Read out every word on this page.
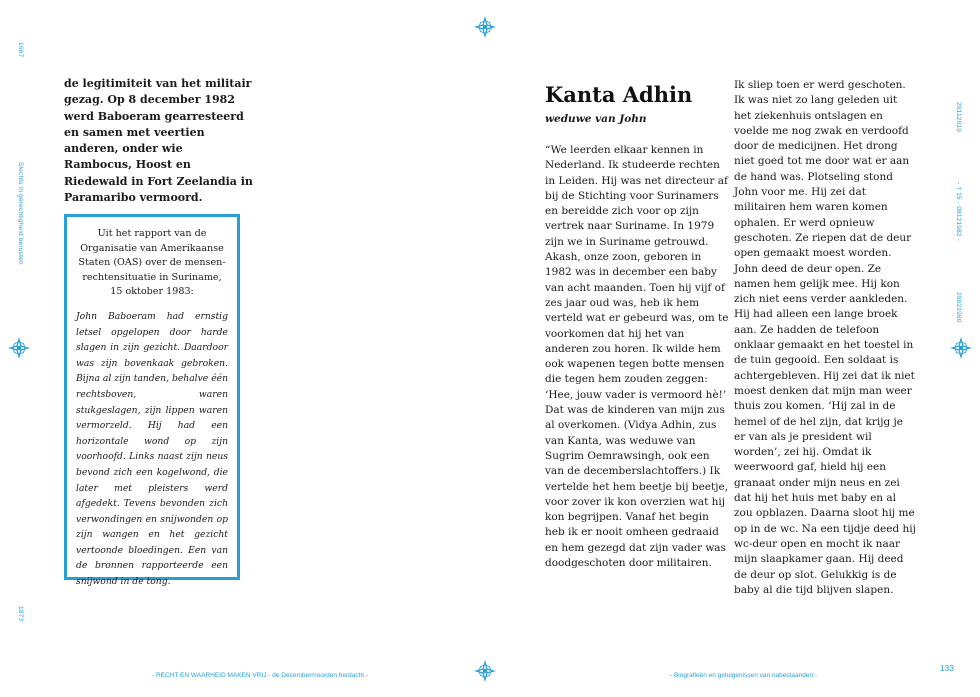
1667
Slechts in gerechtigheid berusten
1873
de legitimiteit van het militair gezag. Op 8 december 1982 werd Baboeram gearresteerd en samen met veertien anderen, onder wie Rambocus, Hoost en Riedewald in Fort Zeelandia in Paramaribo vermoord.
Uit het rapport van de Organisatie van Amerikaanse Staten (OAS) over de mensen-rechtensituatie in Suriname, 15 oktober 1983:
John Baboeram had ernstig letsel opgelopen door harde slagen in zijn gezicht. Daardoor was zijn bovenkaak gebroken. Bijna al zijn tanden, behalve één rechtsboven, waren stukgeslagen, zijn lippen waren vermorzeld. Hij had een horizontale wond op zijn voorhoofd. Links naast zijn neus bevond zich een kogelwond, die later met pleisters werd afgedekt. Tevens bevonden zich verwondingen en snijwonden op zijn wangen en het gezicht vertoonde bloedingen. Een van de bronnen rapporteerde een snijwond in de tong.
- RECHT EN WAARHEID MAKEN VRIJ - de Decembermoorden herdacht -
29112019
- † 15 - 08121982 -
29021980
Kanta Adhin
weduwe van John
“We leerden elkaar kennen in Nederland. Ik studeerde rechten in Leiden. Hij was net directeur af bij de Stichting voor Surinamers en bereidde zich voor op zijn vertrek naar Suriname. In 1979 zijn we in Suriname getrouwd. Akash, onze zoon, geboren in 1982 was in december een baby van acht maanden. Toen hij vijf of zes jaar oud was, heb ik hem verteld wat er gebeurd was, om te voorkomen dat hij het van anderen zou horen. Ik wilde hem ook wapenen tegen botte mensen die tegen hem zouden zeggen: ‘Hee, jouw vader is vermoord hè!’ Dat was de kinderen van mijn zus al overkomen. (Vidya Adhin, zus van Kanta, was weduwe van Sugrim Oemrawsingh, ook een van de decemberslachtoffers.) Ik vertelde het hem beetje bij beetje, voor zover ik kon overzien wat hij kon begrijpen. Vanaf het begin heb ik er nooit omheen gedraaid en hem gezegd dat zijn vader was doodgeschoten door militairen.
Ik sliep toen er werd geschoten. Ik was niet zo lang geleden uit het ziekenhuis ontslagen en voelde me nog zwak en verdoofd door de medicijnen. Het drong niet goed tot me door wat er aan de hand was. Plotseling stond John voor me. Hij zei dat militairen hem waren komen ophalen. Er werd opnieuw geschoten. Ze riepen dat de deur open gemaakt moest worden. John deed de deur open. Ze namen hem gelijk mee. Hij kon zich niet eens verder aankleden. Hij had alleen een lange broek aan. Ze hadden de telefoon onklaar gemaakt en het toestel in de tuin gegooid. Een soldaat is achtergebleven. Hij zei dat ik niet moest denken dat mijn man weer thuis zou komen. ‘Hij zal in de hemel of de hel zijn, dat krijg je er van als je president wil worden’, zei hij. Omdat ik weerwoord gaf, hield hij een granaat onder mijn neus en zei dat hij het huis met baby en al zou opblazen. Daarna sloot hij me op in de wc. Na een tijdje deed hij wc-deur open en mocht ik naar mijn slaapkamer gaan. Hij deed de deur op slot. Gelukkig is de baby al die tijd blijven slapen.
- Biografieën en getuigenissen van nabestaanden -
133
